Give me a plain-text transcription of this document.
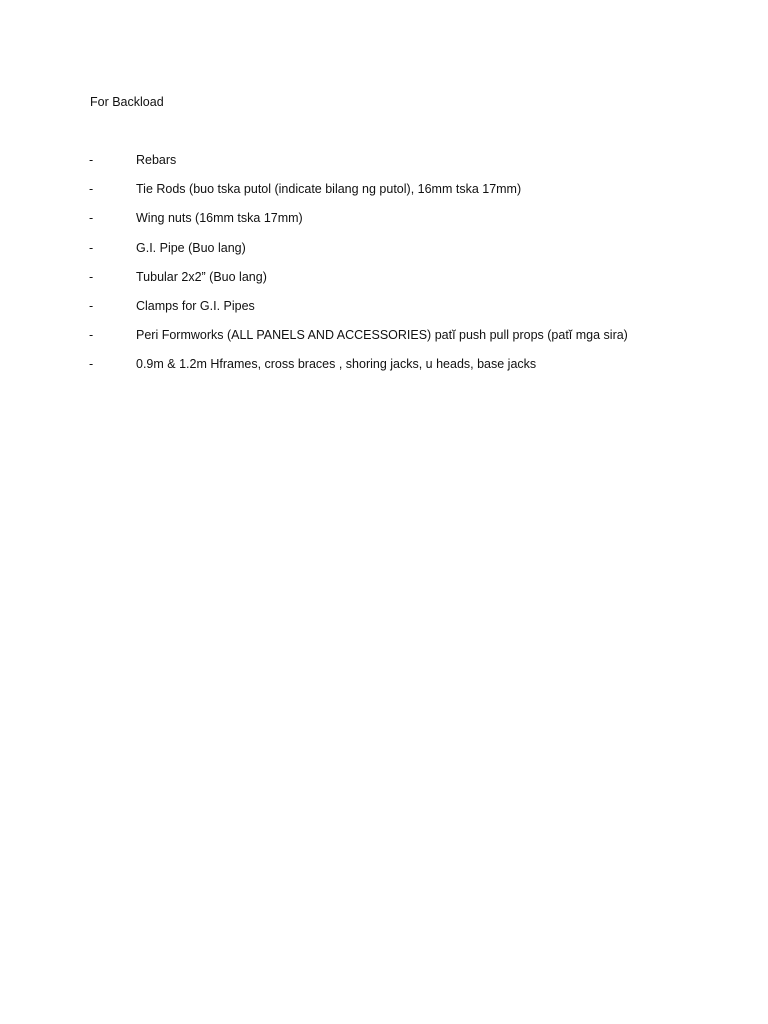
For Backload
-	Rebars
-	Tie Rods (buo tska putol (indicate bilang ng putol), 16mm tska 17mm)
-	Wing nuts (16mm tska 17mm)
-	G.I. Pipe (Buo lang)
-	Tubular 2x2” (Buo lang)
-	Clamps for G.I. Pipes
-	Peri Formworks (ALL PANELS AND ACCESSORIES) patĭ push pull props (patĭ mga sira)
-	0.9m & 1.2m Hframes, cross braces , shoring jacks, u heads, base jacks
